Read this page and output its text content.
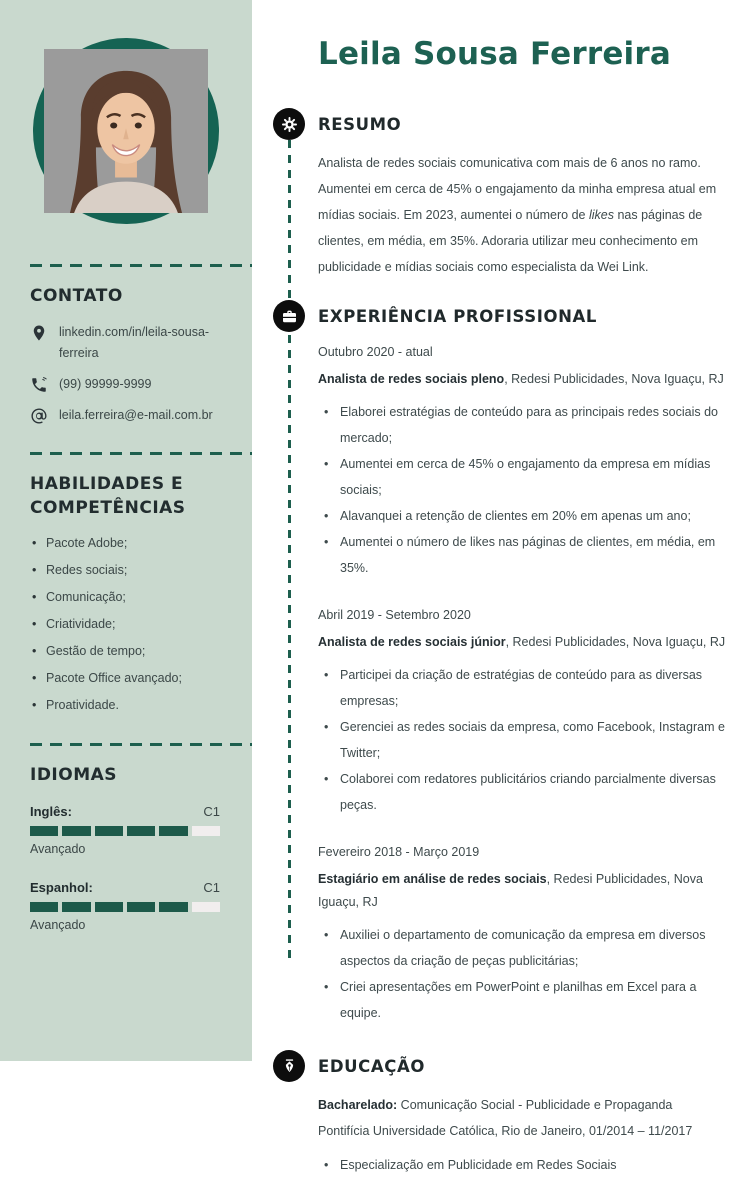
CONTATO
linkedin.com/in/leila-sousa-ferreira
(99) 99999-9999
leila.ferreira@e-mail.com.br
HABILIDADES E COMPETÊNCIAS
• Pacote Adobe;
• Redes sociais;
• Comunicação;
• Criatividade;
• Gestão de tempo;
• Pacote Office avançado;
• Proatividade.
IDIOMAS
Inglês:	C1
Avançado
Espanhol:	C1
Avançado
Leila Sousa Ferreira
RESUMO

Analista de redes sociais comunicativa com mais de 6 anos no ramo. Aumentei em cerca de 45% o engajamento da minha empresa atual em mídias sociais. Em 2023, aumentei o número de likes nas páginas de clientes, em média, em 35%. Adoraria utilizar meu conhecimento em publicidade e mídias sociais como especialista da Wei Link.

EXPERIÊNCIA PROFISSIONAL
Outubro 2020 - atual
Analista de redes sociais pleno, Redesi Publicidades, Nova Iguaçu, RJ
• Elaborei estratégias de conteúdo para as principais redes sociais do mercado;
• Aumentei em cerca de 45% o engajamento da empresa em mídias sociais;
• Alavanquei a retenção de clientes em 20% em apenas um ano;
• Aumentei o número de likes nas páginas de clientes, em média, em 35%.
Abril 2019 - Setembro 2020
Analista de redes sociais júnior, Redesi Publicidades, Nova Iguaçu, RJ
• Participei da criação de estratégias de conteúdo para as diversas empresas;
• Gerenciei as redes sociais da empresa, como Facebook, Instagram e Twitter;
• Colaborei com redatores publicitários criando parcialmente diversas peças.
Fevereiro 2018 - Março 2019
Estagiário em análise de redes sociais, Redesi Publicidades, Nova Iguaçu, RJ
• Auxiliei o departamento de comunicação da empresa em diversos aspectos da criação de peças publicitárias;
• Criei apresentações em PowerPoint e planilhas em Excel para a equipe.
EDUCAÇÃO
Bacharelado: Comunicação Social - Publicidade e Propaganda
Pontifícia Universidade Católica, Rio de Janeiro, 01/2014 – 11/2017
• Especialização em Publicidade em Redes Sociais
